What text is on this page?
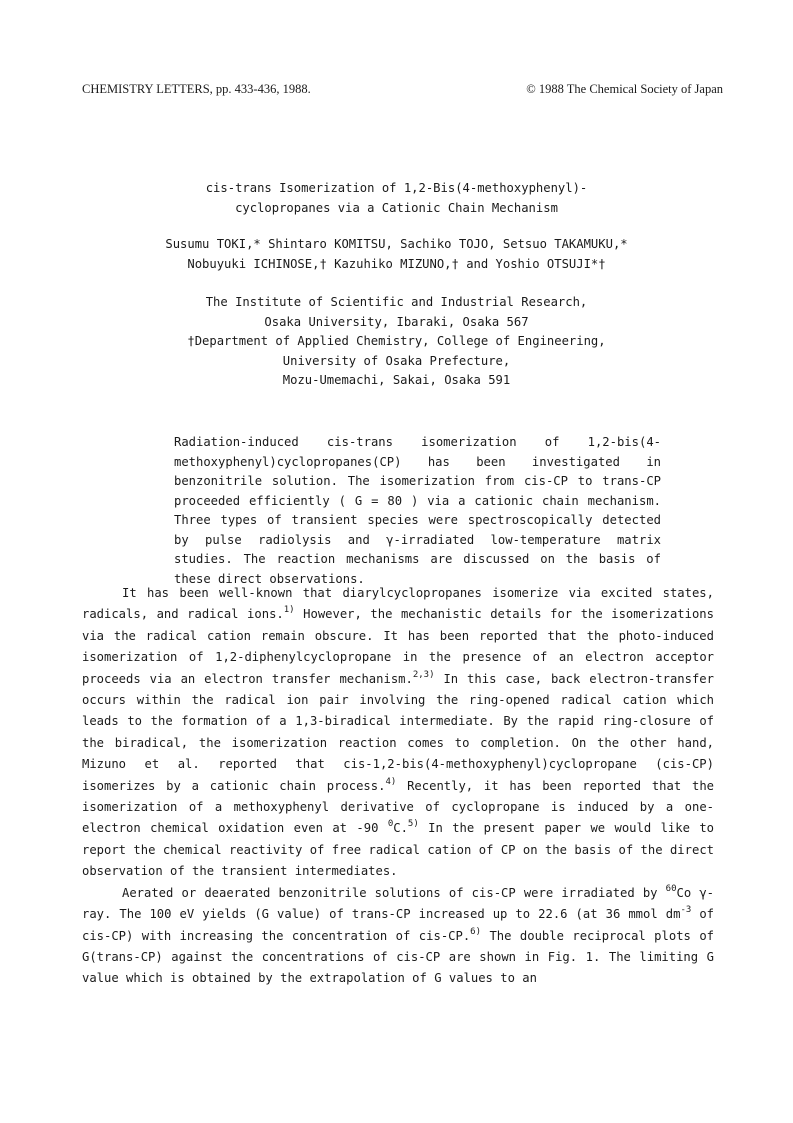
CHEMISTRY LETTERS, pp. 433-436, 1988.	© 1988 The Chemical Society of Japan

cis-trans Isomerization of 1,2-Bis(4-methoxyphenyl)-

cyclopropanes via a Cationic Chain Mechanism

Susumu TOKI,* Shintaro KOMITSU, Sachiko TOJO, Setsuo TAKAMUKU,*

Nobuyuki ICHINOSE,† Kazuhiko MIZUNO,† and Yoshio OTSUJI*†

The Institute of Scientific and Industrial Research,

Osaka University, Ibaraki, Osaka 567

†Department of Applied Chemistry, College of Engineering,

University of Osaka Prefecture,

Mozu-Umemachi, Sakai, Osaka 591

Radiation-induced cis-trans isomerization of 1,2-bis(4-methoxyphenyl)cyclopropanes(CP) has been investigated in benzonitrile solution. The isomerization from cis-CP to trans-CP proceeded efficiently ( G = 80 ) via a cationic chain mechanism. Three types of transient species were spectroscopically detected by pulse radiolysis and γ-irradiated low-temperature matrix studies. The reaction mechanisms are discussed on the basis of these direct observations.

It has been well-known that diarylcyclopropanes isomerize via excited states, radicals, and radical ions.$^{1)}$ However, the mechanistic details for the isomerizations via the radical cation remain obscure. It has been reported that the photo-induced isomerization of 1,2-diphenylcyclopropane in the presence of an electron acceptor proceeds via an electron transfer mechanism.$^{2,3)}$ In this case, back electron-transfer occurs within the radical ion pair involving the ring-opened radical cation which leads to the formation of a 1,3-biradical intermediate. By the rapid ring-closure of the biradical, the isomerization reaction comes to completion. On the other hand, Mizuno et al. reported that cis-1,2-bis(4-methoxyphenyl)cyclopropane (cis-CP) isomerizes by a cationic chain process.$^{4)}$ Recently, it has been reported that the isomerization of a methoxyphenyl derivative of cyclopropane is induced by a one-electron chemical oxidation even at -90 $^0$C.$^{5)}$ In the present paper we would like to report the chemical reactivity of free radical cation of CP on the basis of the direct observation of the transient intermediates.

Aerated or deaerated benzonitrile solutions of cis-CP were irradiated by $^{60}$Co γ-ray. The 100 eV yields (G value) of trans-CP increased up to 22.6 (at 36 mmol $dm^{-3}$ of cis-CP) with increasing the concentration of cis-CP.$^{6)}$ The double reciprocal plots of G(trans-CP) against the concentrations of cis-CP are shown in Fig. 1. The limiting G value which is obtained by the extrapolation of G values to an
